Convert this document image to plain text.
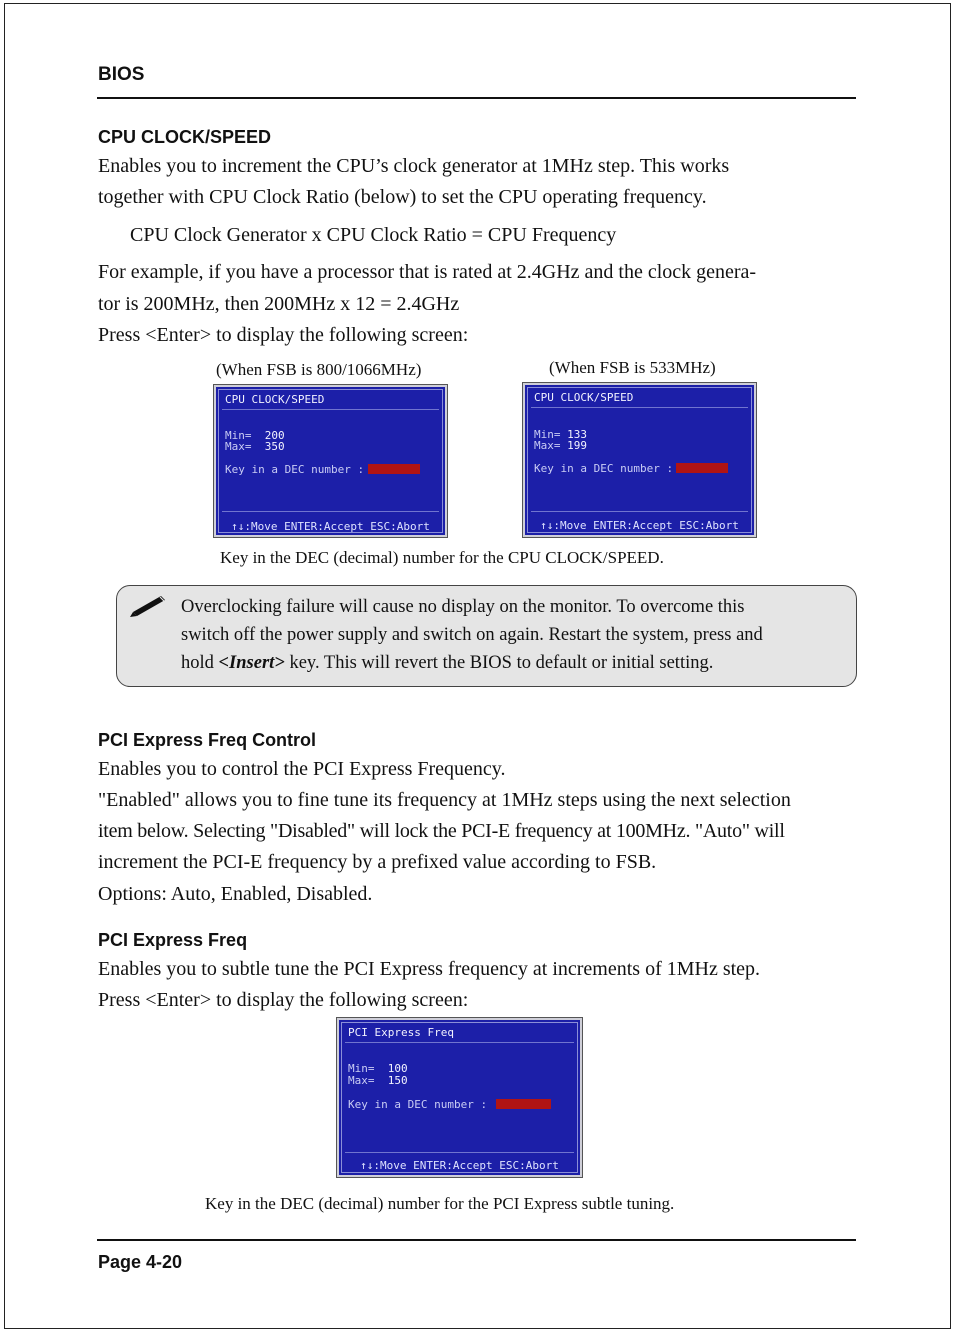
BIOS
CPU CLOCK/SPEED
Enables you to increment the CPU’s clock generator at 1MHz step. This works
together with CPU Clock Ratio (below) to set the CPU operating frequency.
CPU Clock Generator x CPU Clock Ratio = CPU Frequency
For example, if you have a processor that is rated at 2.4GHz and the clock genera-
tor is 200MHz, then 200MHz x 12 = 2.4GHz
Press <Enter> to display the following screen:
(When FSB is 800/1066MHz)	(When FSB is 533MHz)
CPU CLOCK/SPEED
Min= 200
Max= 350
Key in a DEC number :
↑↓:Move ENTER:Accept ESC:Abort
CPU CLOCK/SPEED
Min= 133
Max= 199
Key in a DEC number :
↑↓:Move ENTER:Accept ESC:Abort
Key in the DEC (decimal) number for the CPU CLOCK/SPEED.
Overclocking failure will cause no display on the monitor. To overcome this
switch off the power supply and switch on again. Restart the system, press and
hold <Insert> key. This will revert the BIOS to default or initial setting.
PCI Express Freq Control
Enables you to control the PCI Express Frequency.
"Enabled" allows you to fine tune its frequency at 1MHz steps using the next selection
item below. Selecting "Disabled" will lock the PCI-E frequency at 100MHz. "Auto" will
increment the PCI-E frequency by a prefixed value according to FSB.
Options: Auto, Enabled, Disabled.
PCI Express Freq
Enables you to subtle tune the PCI Express frequency at increments of 1MHz step.
Press <Enter> to display the following screen:
PCI Express Freq
Min= 100
Max= 150
Key in a DEC number :
↑↓:Move ENTER:Accept ESC:Abort
Key in the DEC (decimal) number for the PCI Express subtle tuning.
Page 4-20
